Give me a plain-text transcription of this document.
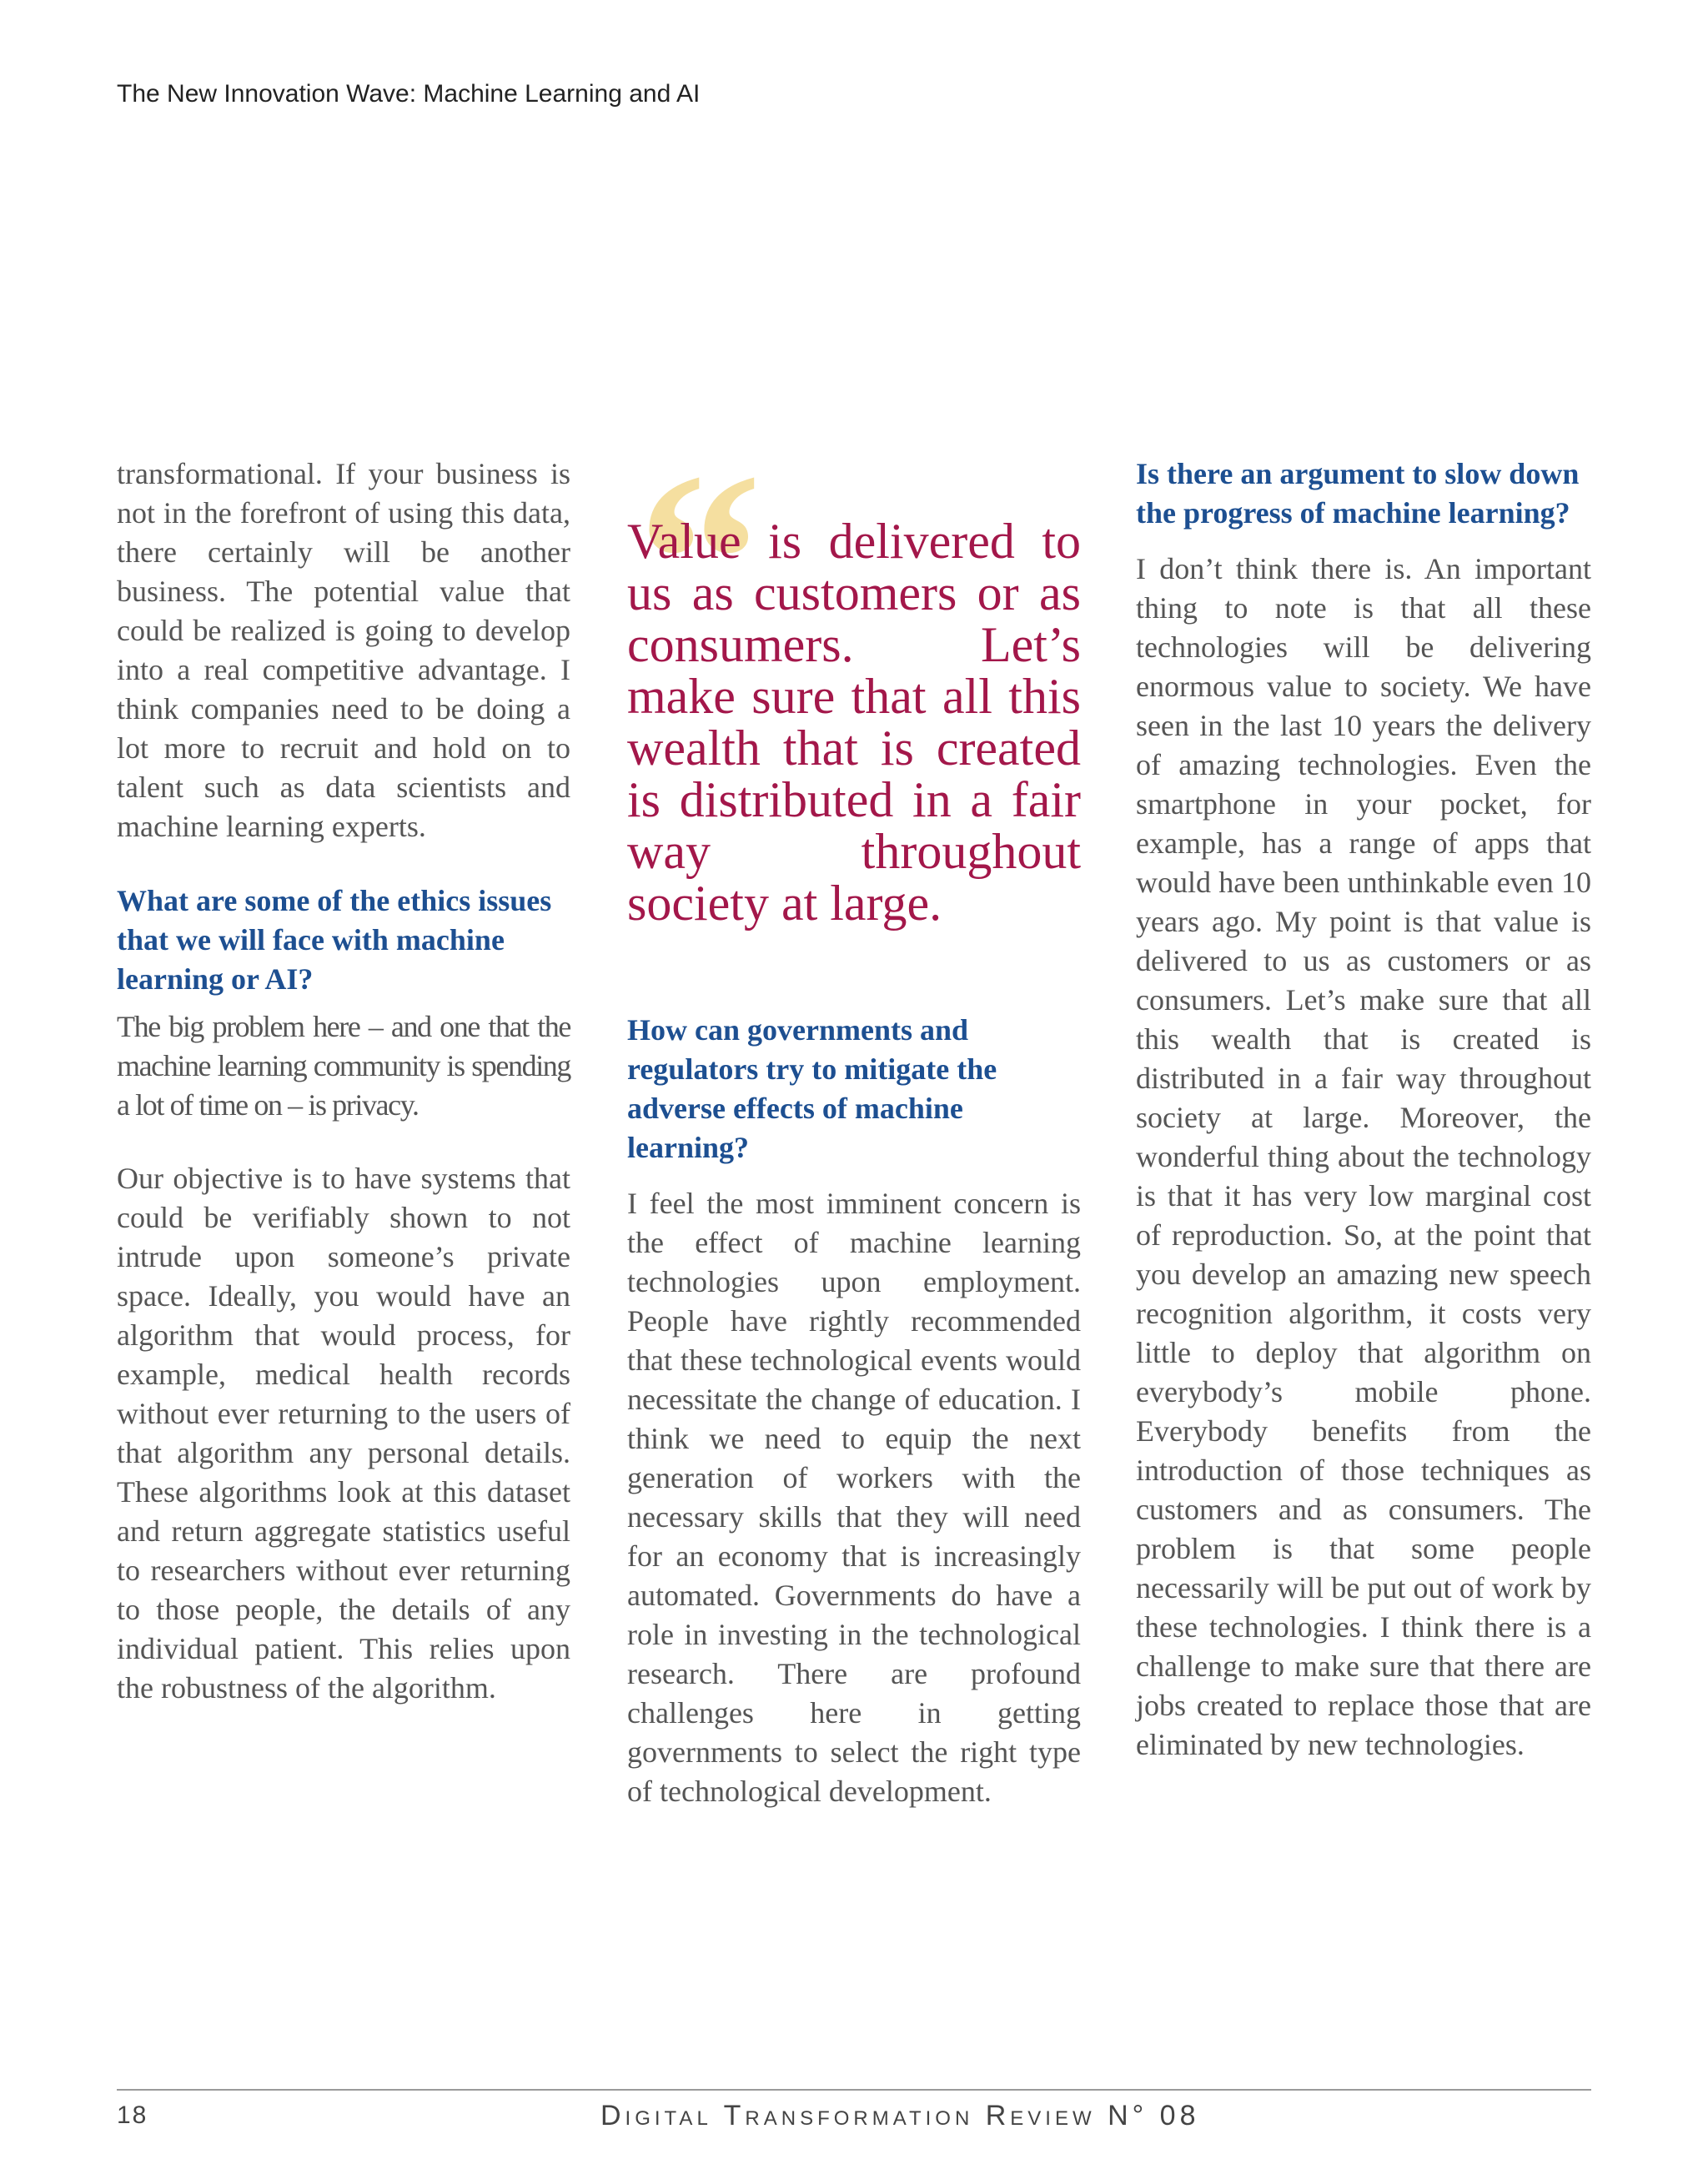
The New Innovation Wave: Machine Learning and AI

transformational. If your business is not in the forefront of using this data, there certainly will be another business. The potential value that could be realized is going to develop into a real competitive advantage. I think companies need to be doing a lot more to recruit and hold on to talent such as data scientists and machine learning experts.

What are some of the ethics issues that we will face with machine learning or AI?

The big problem here – and one that the machine learning community is spending a lot of time on – is privacy.

Our objective is to have systems that could be verifiably shown to not intrude upon someone’s private space. Ideally, you would have an algorithm that would process, for example, medical health records without ever returning to the users of that algorithm any personal details. These algorithms look at this dataset and return aggregate statistics useful to researchers without ever returning to those people, the details of any individual patient. This relies upon the robustness of the algorithm.

“

Value is delivered to us as customers or as consumers. Let’s make sure that all this wealth that is created is distributed in a fair way throughout society at large.

How can governments and regulators try to mitigate the adverse effects of machine learning?

I feel the most imminent concern is the effect of machine learning technologies upon employment. People have rightly recommended that these technological events would necessitate the change of education. I think we need to equip the next generation of workers with the necessary skills that they will need for an economy that is increasingly automated. Governments do have a role in investing in the technological research. There are profound challenges here in getting governments to select the right type of technological development.

Is there an argument to slow down the progress of machine learning?

I don’t think there is. An important thing to note is that all these technologies will be delivering enormous value to society. We have seen in the last 10 years the delivery of amazing technologies. Even the smartphone in your pocket, for example, has a range of apps that would have been unthinkable even 10 years ago. My point is that value is delivered to us as customers or as consumers. Let’s make sure that all this wealth that is created is distributed in a fair way throughout society at large. Moreover, the wonderful thing about the technology is that it has very low marginal cost of reproduction. So, at the point that you develop an amazing new speech recognition algorithm, it costs very little to deploy that algorithm on everybody’s mobile phone. Everybody benefits from the introduction of those techniques as customers and as consumers. The problem is that some people necessarily will be put out of work by these technologies. I think there is a challenge to make sure that there are jobs created to replace those that are eliminated by new technologies.

18	Digital Transformation Review N° 08
